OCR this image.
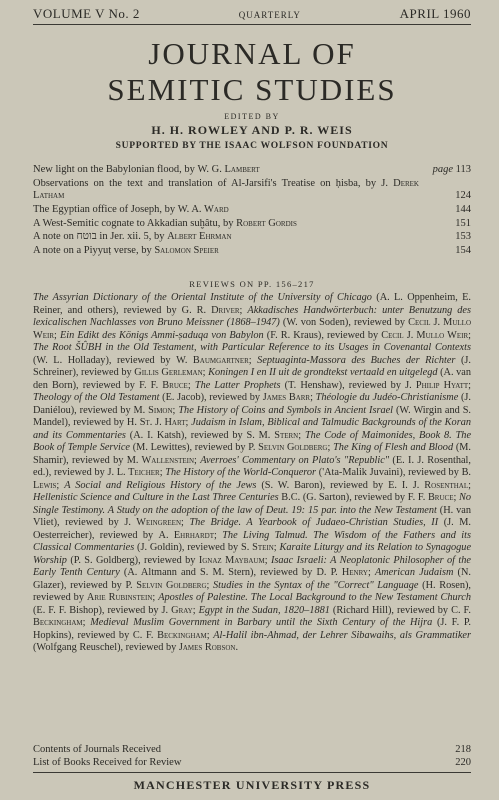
VOLUME V No. 2	QUARTERLY	APRIL 1960
JOURNAL OF
SEMITIC STUDIES
EDITED BY
H. H. ROWLEY AND P. R. WEIS
SUPPORTED BY THE ISAAC WOLFSON FOUNDATION
New light on the Babylonian flood, by W. G. Lambert	page 113
Observations on the text and translation of Al-Jarsifi's Treatise on ḥisba, by J. Derek Latham	124
The Egyptian office of Joseph, by W. A. Ward	144
A West-Semitic cognate to Akkadian suḫâtu, by Robert Gordis	151
A note on בוטח in Jer. xii. 5, by Albert Ehrman	153
A note on a Piyyuṭ verse, by Salomon Speier	154
REVIEWS ON PP. 156–217
The Assyrian Dictionary of the Oriental Institute of the University of Chicago (A. L. Oppenheim, E. Reiner, and others), reviewed by G. R. Driver; Akkadisches Handwörterbuch: unter Benutzung des lexicalischen Nachlasses von Bruno Meissner (1868–1947) (W. von Soden), reviewed by Cecil J. Mullo Weir; Ein Edikt des Königs Ammi-ṣaduqa von Babylon (F. R. Kraus), reviewed by Cecil J. Mullo Weir; The Root ŠÛBH in the Old Testament, with Particular Reference to its Usages in Covenantal Contexts (W. L. Holladay), reviewed by W. Baumgartner; Septuaginta-Massora des Buches der Richter (J. Schreiner), reviewed by Gillis Gerleman; Koningen I en II uit de grondtekst vertaald en uitgelegd (A. van den Born), reviewed by F. F. Bruce; The Latter Prophets (T. Henshaw), reviewed by J. Philip Hyatt; Theology of the Old Testament (E. Jacob), reviewed by James Barr; Théologie du Judéo-Christianisme (J. Daniélou), reviewed by M. Simon; The History of Coins and Symbols in Ancient Israel (W. Wirgin and S. Mandel), reviewed by H. St. J. Hart; Judaism in Islam, Biblical and Talmudic Backgrounds of the Koran and its Commentaries (A. I. Katsh), reviewed by S. M. Stern; The Code of Maimonides, Book 8. The Book of Temple Service (M. Lewittes), reviewed by P. Selvin Goldberg; The King of Flesh and Blood (M. Shamir), reviewed by M. Wallenstein; Averroes' Commentary on Plato's "Republic" (E. I. J. Rosenthal, ed.), reviewed by J. L. Teicher; The History of the World-Conqueror ('Ata-Malik Juvaini), reviewed by B. Lewis; A Social and Religious History of the Jews (S. W. Baron), reviewed by E. I. J. Rosenthal; Hellenistic Science and Culture in the Last Three Centuries B.C. (G. Sarton), reviewed by F. F. Bruce; No Single Testimony. A Study on the adoption of the law of Deut. 19: 15 par. into the New Testament (H. van Vliet), reviewed by J. Weingreen; The Bridge. A Yearbook of Judaeo-Christian Studies, II (J. M. Oesterreicher), reviewed by A. Ehrhardt; The Living Talmud. The Wisdom of the Fathers and its Classical Commentaries (J. Goldin), reviewed by S. Stein; Karaite Liturgy and its Relation to Synagogue Worship (P. S. Goldberg), reviewed by Ignaz Maybaum; Isaac Israeli: A Neoplatonic Philosopher of the Early Tenth Century (A. Altmann and S. M. Stern), reviewed by D. P. Henry; American Judaism (N. Glazer), reviewed by P. Selvin Goldberg; Studies in the Syntax of the "Correct" Language (H. Rosen), reviewed by Arie Rubinstein; Apostles of Palestine. The Local Background to the New Testament Church (E. F. F. Bishop), reviewed by J. Gray; Egypt in the Sudan, 1820–1881 (Richard Hill), reviewed by C. F. Beckingham; Medieval Muslim Government in Barbary until the Sixth Century of the Hijra (J. F. P. Hopkins), reviewed by C. F. Beckingham; Al-Halil ibn-Ahmad, der Lehrer Sibawaihs, als Grammatiker (Wolfgang Reuschel), reviewed by James Robson.
Contents of Journals Received	218
List of Books Received for Review	220
MANCHESTER UNIVERSITY PRESS
